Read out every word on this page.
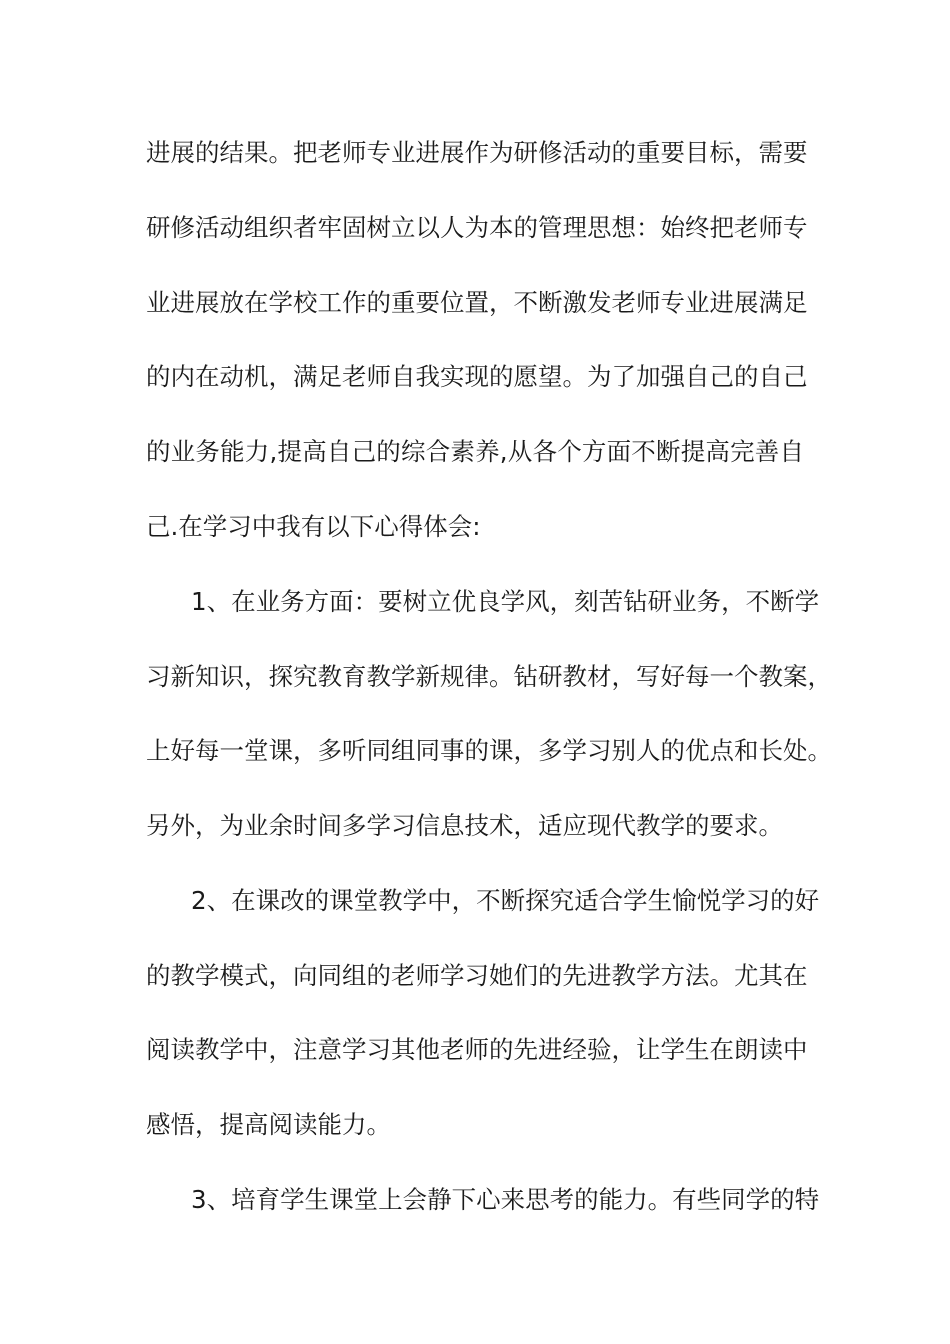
进展的结果。把老师专业进展作为研修活动的重要目标，需要
研修活动组织者牢固树立以人为本的管理思想：始终把老师专
业进展放在学校工作的重要位置，不断激发老师专业进展满足
的内在动机，满足老师自我实现的愿望。为了加强自己的自己
的业务能力,提高自己的综合素养,从各个方面不断提高完善自
己.在学习中我有以下心得体会:
1、在业务方面：要树立优良学风，刻苦钻研业务，不断学
习新知识，探究教育教学新规律。钻研教材，写好每一个教案，
上好每一堂课，多听同组同事的课，多学习别人的优点和长处。
另外，为业余时间多学习信息技术，适应现代教学的要求。
2、在课改的课堂教学中，不断探究适合学生愉悦学习的好
的教学模式，向同组的老师学习她们的先进教学方法。尤其在
阅读教学中，注意学习其他老师的先进经验，让学生在朗读中
感悟，提高阅读能力。
3、培育学生课堂上会静下心来思考的能力。有些同学的特
